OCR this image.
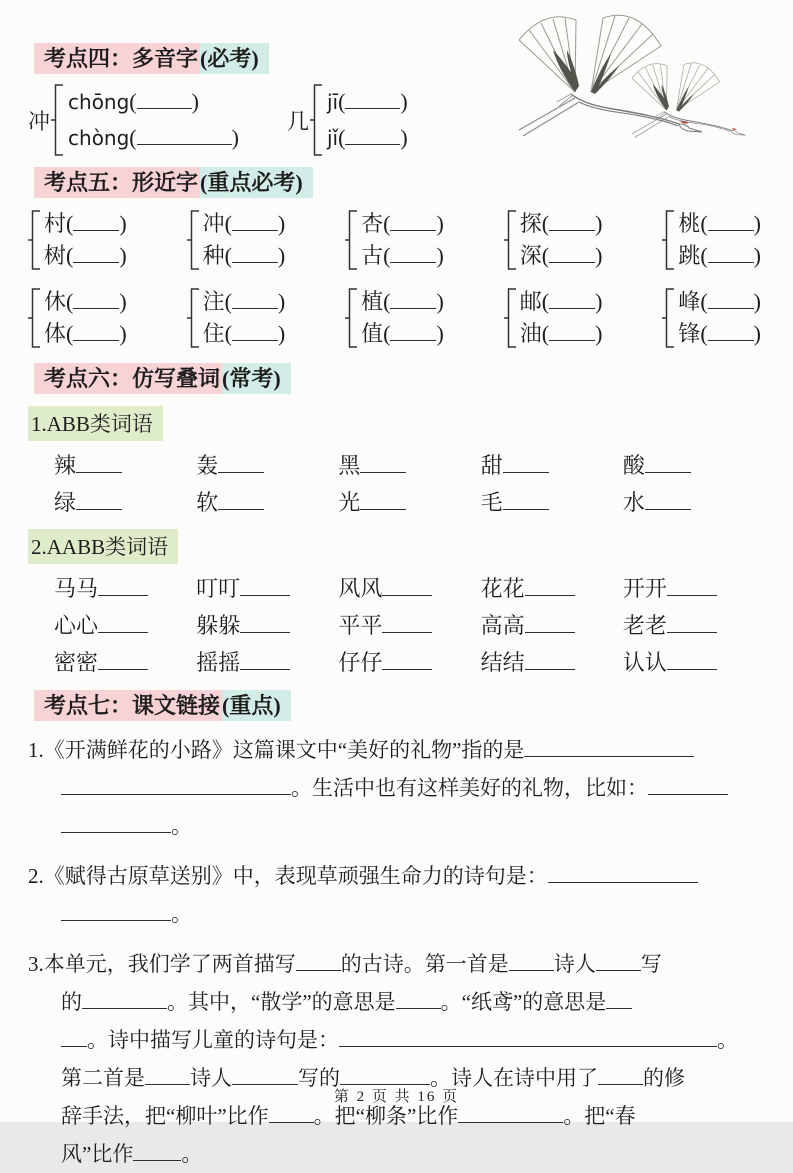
考点四：多音字(必考)
冲
chōng(	)
chòng(	)
几
jī(	)
jǐ(	)
考点五：形近字(重点必考)
村( )
树( )
冲( )
种( )
杏( )
古( )
探( )
深( )
桃( )
跳( )
休( )
体( )
注( )
住( )
植( )
值( )
邮( )
油( )
峰( )
锋( )
考点六：仿写叠词(常考)
1.ABB类词语
辣	轰	黑	甜	酸
绿	软	光	毛	水
2.AABB类词语
马马	叮叮	风风	花花	开开
心心	躲躲	平平	高高	老老
密密	摇摇	仔仔	结结	认认
考点七：课文链接(重点)
1.《开满鲜花的小路》这篇课文中“美好的礼物”指的是
。生活中也有这样美好的礼物，比如：
。
2.《赋得古原草送别》中，表现草顽强生命力的诗句是：
。
3.本单元，我们学了两首描写 的古诗。第一首是 诗人 写
的	。其中，“散学”的意思是 。“纸鸢”的意思是
。诗中描写儿童的诗句是：	。
第二首是 诗人	写的	。诗人在诗中用了 的修
辞手法，把“柳叶”比作 。把“柳条”比作	。把“春
风”比作 。
第 2 页 共 16 页
